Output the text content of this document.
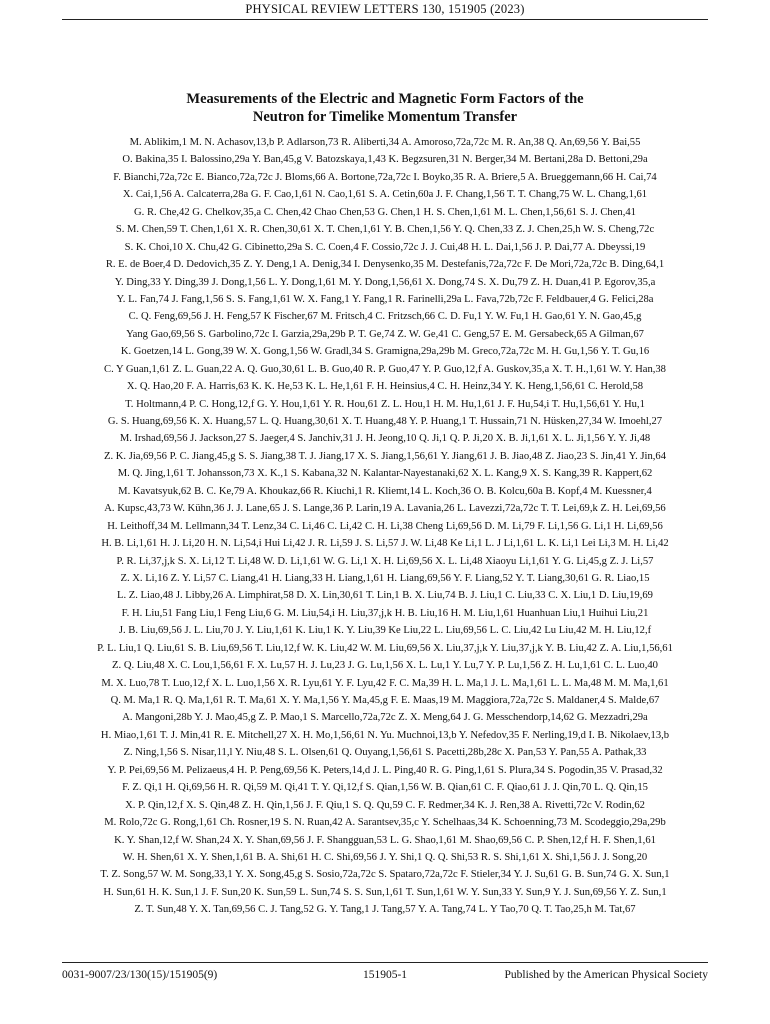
PHYSICAL REVIEW LETTERS 130, 151905 (2023)
Measurements of the Electric and Magnetic Form Factors of the
Neutron for Timelike Momentum Transfer
M. Ablikim,1 M. N. Achasov,13,b P. Adlarson,73 R. Aliberti,34 A. Amoroso,72a,72c M. R. An,38 Q. An,69,56 Y. Bai,55
O. Bakina,35 I. Balossino,29a Y. Ban,45,g V. Batozskaya,1,43 K. Begzsuren,31 N. Berger,34 M. Bertani,28a D. Bettoni,29a
F. Bianchi,72a,72c E. Bianco,72a,72c J. Bloms,66 A. Bortone,72a,72c I. Boyko,35 R. A. Briere,5 A. Brueggemann,66 H. Cai,74
X. Cai,1,56 A. Calcaterra,28a G. F. Cao,1,61 N. Cao,1,61 S. A. Cetin,60a J. F. Chang,1,56 T. T. Chang,75 W. L. Chang,1,61
G. R. Che,42 G. Chelkov,35,a C. Chen,42 Chao Chen,53 G. Chen,1 H. S. Chen,1,61 M. L. Chen,1,56,61 S. J. Chen,41
S. M. Chen,59 T. Chen,1,61 X. R. Chen,30,61 X. T. Chen,1,61 Y. B. Chen,1,56 Y. Q. Chen,33 Z. J. Chen,25,h W. S. Cheng,72c
S. K. Choi,10 X. Chu,42 G. Cibinetto,29a S. C. Coen,4 F. Cossio,72c J. J. Cui,48 H. L. Dai,1,56 J. P. Dai,77 A. Dbeyssi,19
R. E. de Boer,4 D. Dedovich,35 Z. Y. Deng,1 A. Denig,34 I. Denysenko,35 M. Destefanis,72a,72c F. De Mori,72a,72c B. Ding,64,1
Y. Ding,33 Y. Ding,39 J. Dong,1,56 L. Y. Dong,1,61 M. Y. Dong,1,56,61 X. Dong,74 S. X. Du,79 Z. H. Duan,41 P. Egorov,35,a
Y. L. Fan,74 J. Fang,1,56 S. S. Fang,1,61 W. X. Fang,1 Y. Fang,1 R. Farinelli,29a L. Fava,72b,72c F. Feldbauer,4 G. Felici,28a
C. Q. Feng,69,56 J. H. Feng,57 K Fischer,67 M. Fritsch,4 C. Fritzsch,66 C. D. Fu,1 Y. W. Fu,1 H. Gao,61 Y. N. Gao,45,g
Yang Gao,69,56 S. Garbolino,72c I. Garzia,29a,29b P. T. Ge,74 Z. W. Ge,41 C. Geng,57 E. M. Gersabeck,65 A Gilman,67
K. Goetzen,14 L. Gong,39 W. X. Gong,1,56 W. Gradl,34 S. Gramigna,29a,29b M. Greco,72a,72c M. H. Gu,1,56 Y. T. Gu,16
C. Y Guan,1,61 Z. L. Guan,22 A. Q. Guo,30,61 L. B. Guo,40 R. P. Guo,47 Y. P. Guo,12,f A. Guskov,35,a X. T. H.,1,61 W. Y. Han,38
X. Q. Hao,20 F. A. Harris,63 K. K. He,53 K. L. He,1,61 F. H. Heinsius,4 C. H. Heinz,34 Y. K. Heng,1,56,61 C. Herold,58
T. Holtmann,4 P. C. Hong,12,f G. Y. Hou,1,61 Y. R. Hou,61 Z. L. Hou,1 H. M. Hu,1,61 J. F. Hu,54,i T. Hu,1,56,61 Y. Hu,1
G. S. Huang,69,56 K. X. Huang,57 L. Q. Huang,30,61 X. T. Huang,48 Y. P. Huang,1 T. Hussain,71 N. Hüsken,27,34 W. Imoehl,27
M. Irshad,69,56 J. Jackson,27 S. Jaeger,4 S. Janchiv,31 J. H. Jeong,10 Q. Ji,1 Q. P. Ji,20 X. B. Ji,1,61 X. L. Ji,1,56 Y. Y. Ji,48
Z. K. Jia,69,56 P. C. Jiang,45,g S. S. Jiang,38 T. J. Jiang,17 X. S. Jiang,1,56,61 Y. Jiang,61 J. B. Jiao,48 Z. Jiao,23 S. Jin,41 Y. Jin,64
M. Q. Jing,1,61 T. Johansson,73 X. K.,1 S. Kabana,32 N. Kalantar-Nayestanaki,62 X. L. Kang,9 X. S. Kang,39 R. Kappert,62
M. Kavatsyuk,62 B. C. Ke,79 A. Khoukaz,66 R. Kiuchi,1 R. Kliemt,14 L. Koch,36 O. B. Kolcu,60a B. Kopf,4 M. Kuessner,4
A. Kupsc,43,73 W. Kühn,36 J. J. Lane,65 J. S. Lange,36 P. Larin,19 A. Lavania,26 L. Lavezzi,72a,72c T. T. Lei,69,k Z. H. Lei,69,56
H. Leithoff,34 M. Lellmann,34 T. Lenz,34 C. Li,46 C. Li,42 C. H. Li,38 Cheng Li,69,56 D. M. Li,79 F. Li,1,56 G. Li,1 H. Li,69,56
H. B. Li,1,61 H. J. Li,20 H. N. Li,54,i Hui Li,42 J. R. Li,59 J. S. Li,57 J. W. Li,48 Ke Li,1 L. J Li,1,61 L. K. Li,1 Lei Li,3 M. H. Li,42
P. R. Li,37,j,k S. X. Li,12 T. Li,48 W. D. Li,1,61 W. G. Li,1 X. H. Li,69,56 X. L. Li,48 Xiaoyu Li,1,61 Y. G. Li,45,g Z. J. Li,57
Z. X. Li,16 Z. Y. Li,57 C. Liang,41 H. Liang,33 H. Liang,1,61 H. Liang,69,56 Y. F. Liang,52 Y. T. Liang,30,61 G. R. Liao,15
L. Z. Liao,48 J. Libby,26 A. Limphirat,58 D. X. Lin,30,61 T. Lin,1 B. X. Liu,74 B. J. Liu,1 C. Liu,33 C. X. Liu,1 D. Liu,19,69
F. H. Liu,51 Fang Liu,1 Feng Liu,6 G. M. Liu,54,i H. Liu,37,j,k H. B. Liu,16 H. M. Liu,1,61 Huanhuan Liu,1 Huihui Liu,21
J. B. Liu,69,56 J. L. Liu,70 J. Y. Liu,1,61 K. Liu,1 K. Y. Liu,39 Ke Liu,22 L. Liu,69,56 L. C. Liu,42 Lu Liu,42 M. H. Liu,12,f
P. L. Liu,1 Q. Liu,61 S. B. Liu,69,56 T. Liu,12,f W. K. Liu,42 W. M. Liu,69,56 X. Liu,37,j,k Y. Liu,37,j,k Y. B. Liu,42 Z. A. Liu,1,56,61
Z. Q. Liu,48 X. C. Lou,1,56,61 F. X. Lu,57 H. J. Lu,23 J. G. Lu,1,56 X. L. Lu,1 Y. Lu,7 Y. P. Lu,1,56 Z. H. Lu,1,61 C. L. Luo,40
M. X. Luo,78 T. Luo,12,f X. L. Luo,1,56 X. R. Lyu,61 Y. F. Lyu,42 F. C. Ma,39 H. L. Ma,1 J. L. Ma,1,61 L. L. Ma,48 M. M. Ma,1,61
Q. M. Ma,1 R. Q. Ma,1,61 R. T. Ma,61 X. Y. Ma,1,56 Y. Ma,45,g F. E. Maas,19 M. Maggiora,72a,72c S. Maldaner,4 S. Malde,67
A. Mangoni,28b Y. J. Mao,45,g Z. P. Mao,1 S. Marcello,72a,72c Z. X. Meng,64 J. G. Messchendorp,14,62 G. Mezzadri,29a
H. Miao,1,61 T. J. Min,41 R. E. Mitchell,27 X. H. Mo,1,56,61 N. Yu. Muchnoi,13,b Y. Nefedov,35 F. Nerling,19,d I. B. Nikolaev,13,b
Z. Ning,1,56 S. Nisar,11,l Y. Niu,48 S. L. Olsen,61 Q. Ouyang,1,56,61 S. Pacetti,28b,28c X. Pan,53 Y. Pan,55 A. Pathak,33
Y. P. Pei,69,56 M. Pelizaeus,4 H. P. Peng,69,56 K. Peters,14,d J. L. Ping,40 R. G. Ping,1,61 S. Plura,34 S. Pogodin,35 V. Prasad,32
F. Z. Qi,1 H. Qi,69,56 H. R. Qi,59 M. Qi,41 T. Y. Qi,12,f S. Qian,1,56 W. B. Qian,61 C. F. Qiao,61 J. J. Qin,70 L. Q. Qin,15
X. P. Qin,12,f X. S. Qin,48 Z. H. Qin,1,56 J. F. Qiu,1 S. Q. Qu,59 C. F. Redmer,34 K. J. Ren,38 A. Rivetti,72c V. Rodin,62
M. Rolo,72c G. Rong,1,61 Ch. Rosner,19 S. N. Ruan,42 A. Sarantsev,35,c Y. Schelhaas,34 K. Schoenning,73 M. Scodeggio,29a,29b
K. Y. Shan,12,f W. Shan,24 X. Y. Shan,69,56 J. F. Shangguan,53 L. G. Shao,1,61 M. Shao,69,56 C. P. Shen,12,f H. F. Shen,1,61
W. H. Shen,61 X. Y. Shen,1,61 B. A. Shi,61 H. C. Shi,69,56 J. Y. Shi,1 Q. Q. Shi,53 R. S. Shi,1,61 X. Shi,1,56 J. J. Song,20
T. Z. Song,57 W. M. Song,33,1 Y. X. Song,45,g S. Sosio,72a,72c S. Spataro,72a,72c F. Stieler,34 Y. J. Su,61 G. B. Sun,74 G. X. Sun,1
H. Sun,61 H. K. Sun,1 J. F. Sun,20 K. Sun,59 L. Sun,74 S. S. Sun,1,61 T. Sun,1,61 W. Y. Sun,33 Y. Sun,9 Y. J. Sun,69,56 Y. Z. Sun,1
Z. T. Sun,48 Y. X. Tan,69,56 C. J. Tang,52 G. Y. Tang,1 J. Tang,57 Y. A. Tang,74 L. Y Tao,70 Q. T. Tao,25,h M. Tat,67
0031-9007/23/130(15)/151905(9)	151905-1	Published by the American Physical Society
